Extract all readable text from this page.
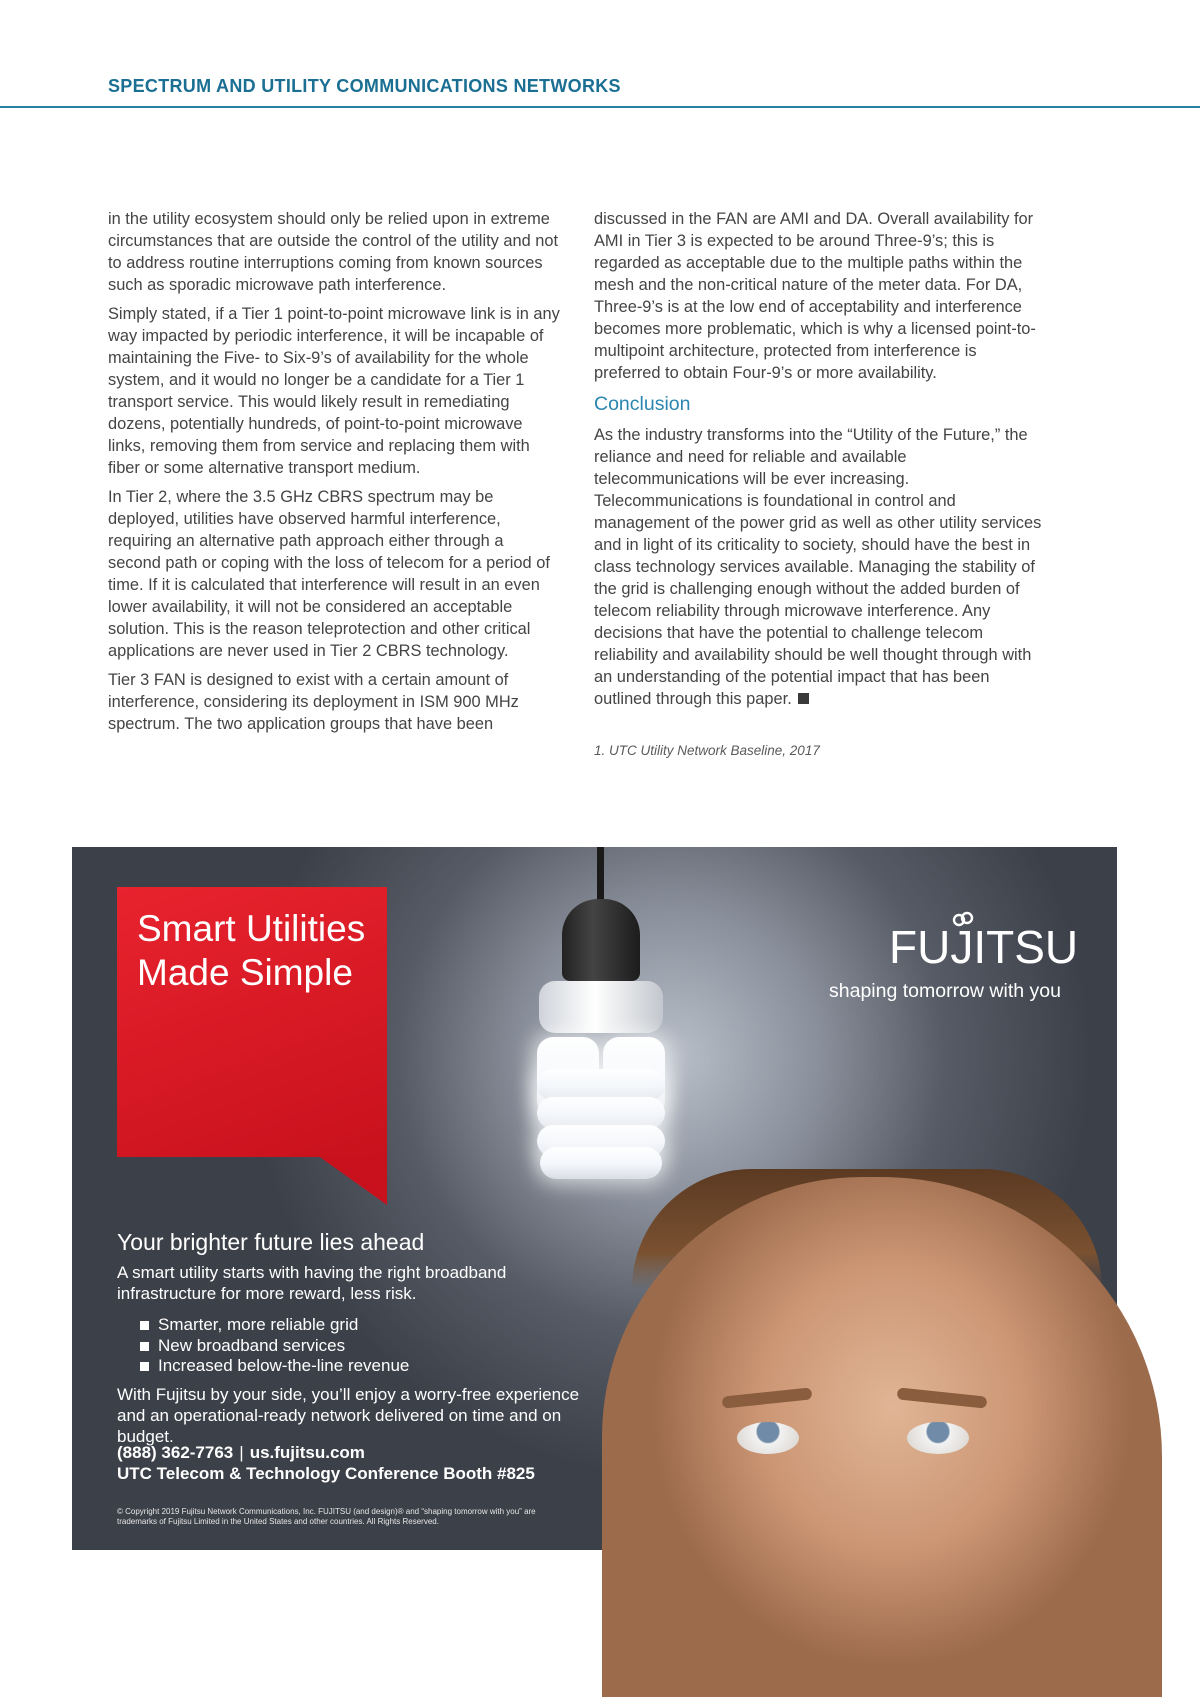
SPECTRUM AND UTILITY COMMUNICATIONS NETWORKS

in the utility ecosystem should only be relied upon in extreme circumstances that are outside the control of the utility and not to address routine interruptions coming from known sources such as sporadic microwave path interference.

Simply stated, if a Tier 1 point-to-point microwave link is in any way impacted by periodic interference, it will be incapable of maintaining the Five- to Six-9’s of availability for the whole system, and it would no longer be a candidate for a Tier 1 transport service. This would likely result in remediating dozens, potentially hundreds, of point-to-point microwave links, removing them from service and replacing them with fiber or some alternative transport medium.

In Tier 2, where the 3.5 GHz CBRS spectrum may be deployed, utilities have observed harmful interference, requiring an alternative path approach either through a second path or coping with the loss of telecom for a period of time. If it is calculated that interference will result in an even lower availability, it will not be considered an acceptable solution. This is the reason teleprotection and other critical applications are never used in Tier 2 CBRS technology.

Tier 3 FAN is designed to exist with a certain amount of interference, considering its deployment in ISM 900 MHz spectrum. The two application groups that have been

discussed in the FAN are AMI and DA. Overall availability for AMI in Tier 3 is expected to be around Three-9’s; this is regarded as acceptable due to the multiple paths within the mesh and the non-critical nature of the meter data. For DA, Three-9’s is at the low end of acceptability and interference becomes more problematic, which is why a licensed point-to-multipoint architecture, protected from interference is preferred to obtain Four-9’s or more availability.

Conclusion

As the industry transforms into the “Utility of the Future,” the reliance and need for reliable and available telecommunications will be ever increasing. Telecommunications is foundational in control and management of the power grid as well as other utility services and in light of its criticality to society, should have the best in class technology services available. Managing the stability of the grid is challenging enough without the added burden of telecom reliability through microwave interference. Any decisions that have the potential to challenge telecom reliability and availability should be well thought through with an understanding of the potential impact that has been outlined through this paper.

1. UTC Utility Network Baseline, 2017

Smart Utilities
Made Simple	FUJITSU
shaping tomorrow with you
Your brighter future lies ahead
A smart utility starts with having the right broadband infrastructure for more reward, less risk.
Smarter, more reliable grid
New broadband services
Increased below-the-line revenue
With Fujitsu by your side, you’ll enjoy a worry-free experience and an operational-ready network delivered on time and on budget.
(888) 362-7763 | us.fujitsu.com
UTC Telecom & Technology Conference Booth #825
© Copyright 2019 Fujitsu Network Communications, Inc. FUJITSU (and design)® and “shaping tomorrow with you” are trademarks of Fujitsu Limited in the United States and other countries. All Rights Reserved.
